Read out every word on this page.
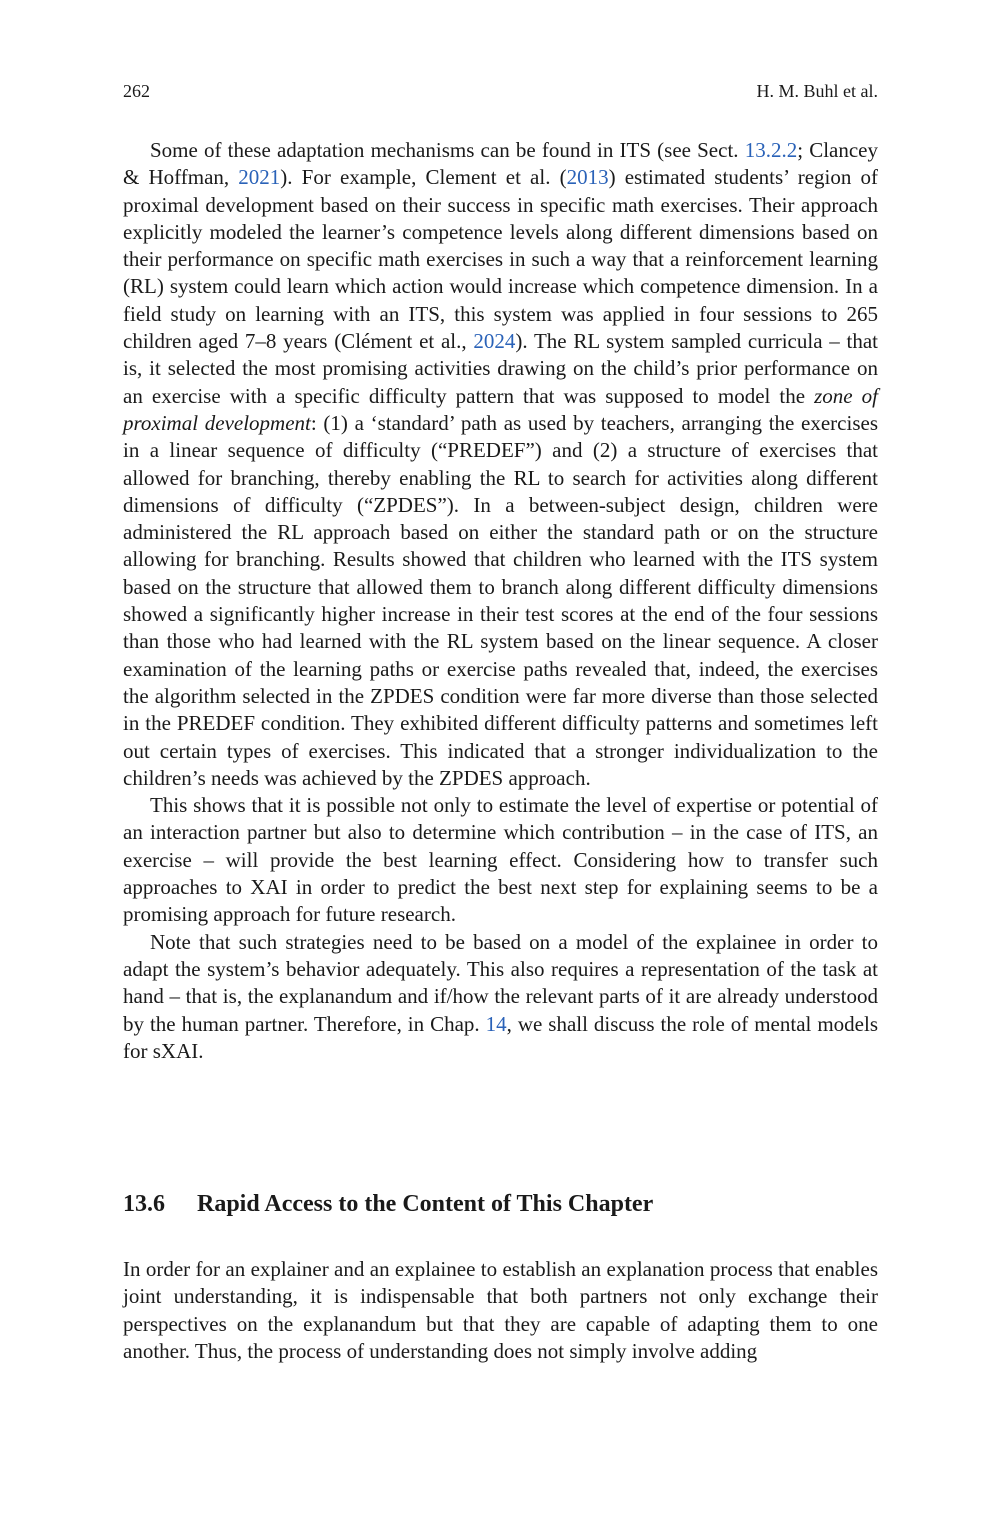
262	H. M. Buhl et al.

Some of these adaptation mechanisms can be found in ITS (see Sect. 13.2.2; Clancey & Hoffman, 2021). For example, Clement et al. (2013) estimated students’ region of proximal development based on their success in specific math exercises. Their approach explicitly modeled the learner’s competence levels along different dimensions based on their performance on specific math exercises in such a way that a reinforcement learning (RL) system could learn which action would increase which competence dimension. In a field study on learning with an ITS, this system was applied in four sessions to 265 children aged 7–8 years (Clément et al., 2024). The RL system sampled curricula – that is, it selected the most promising activities drawing on the child’s prior performance on an exercise with a specific difficulty pattern that was supposed to model the zone of proximal development: (1) a ‘standard’ path as used by teachers, arranging the exercises in a linear sequence of difficulty (“PREDEF”) and (2) a structure of exercises that allowed for branching, thereby enabling the RL to search for activities along different dimensions of difficulty (“ZPDES”). In a between-subject design, children were administered the RL approach based on either the standard path or on the structure allowing for branching. Results showed that children who learned with the ITS system based on the structure that allowed them to branch along different difficulty dimensions showed a significantly higher increase in their test scores at the end of the four sessions than those who had learned with the RL system based on the linear sequence. A closer examination of the learning paths or exercise paths revealed that, indeed, the exercises the algorithm selected in the ZPDES condition were far more diverse than those selected in the PREDEF condition. They exhibited different difficulty patterns and sometimes left out certain types of exercises. This indicated that a stronger individualization to the children’s needs was achieved by the ZPDES approach.

This shows that it is possible not only to estimate the level of expertise or potential of an interaction partner but also to determine which contribution – in the case of ITS, an exercise – will provide the best learning effect. Considering how to transfer such approaches to XAI in order to predict the best next step for explaining seems to be a promising approach for future research.

Note that such strategies need to be based on a model of the explainee in order to adapt the system’s behavior adequately. This also requires a representation of the task at hand – that is, the explanandum and if/how the relevant parts of it are already understood by the human partner. Therefore, in Chap. 14, we shall discuss the role of mental models for sXAI.

13.6 Rapid Access to the Content of This Chapter

In order for an explainer and an explainee to establish an explanation process that enables joint understanding, it is indispensable that both partners not only exchange their perspectives on the explanandum but that they are capable of adapting them to one another. Thus, the process of understanding does not simply involve adding
